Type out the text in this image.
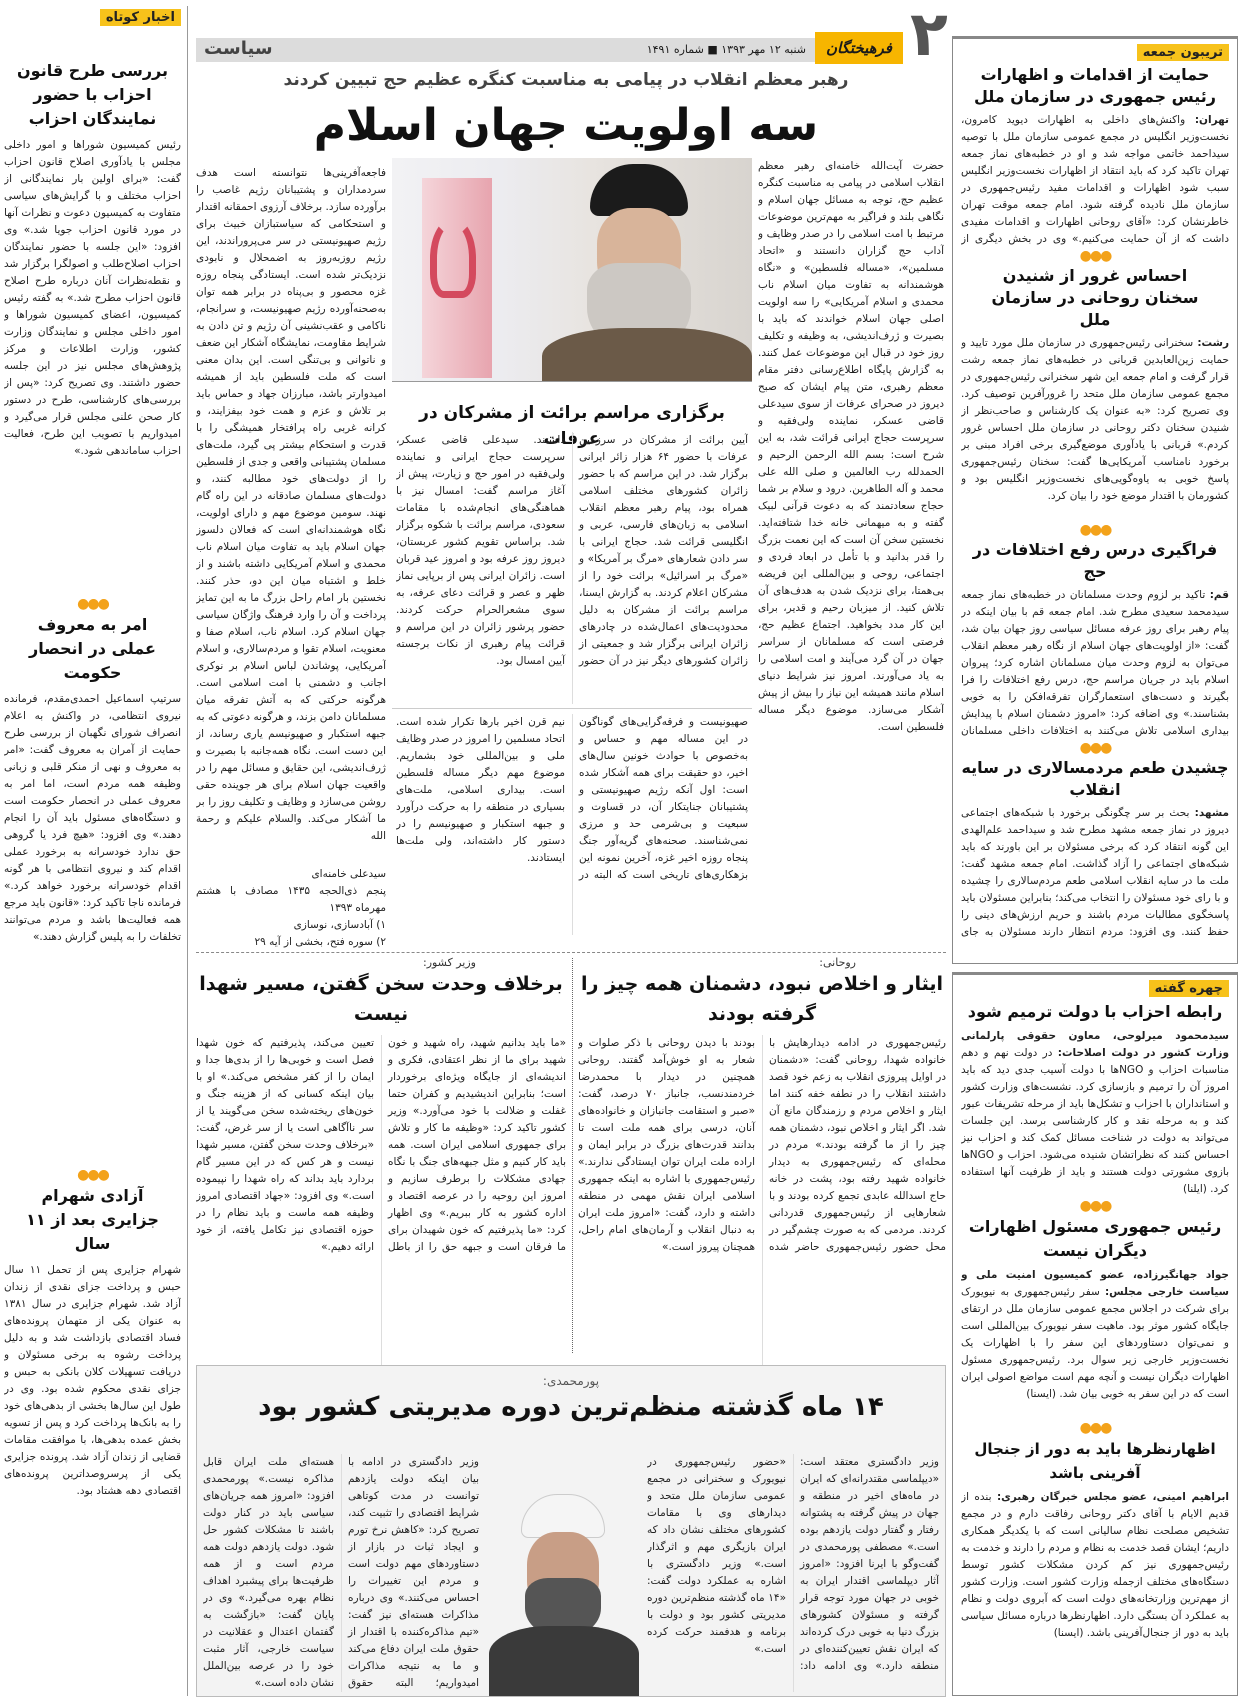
اخبار کوتاه
بررسی طرح قانون احزاب با حضور نمایندگان احزاب
رئیس کمیسیون شوراها و امور داخلی مجلس با یادآوری اصلاح قانون احزاب گفت: «برای اولین بار نمایندگانی از احزاب مختلف و با گرایش‌های سیاسی متفاوت به کمیسیون دعوت و نظرات آنها در مورد قانون احزاب جویا شد.» وی افزود: «این جلسه با حضور نمایندگان احزاب اصلاح‌طلب و اصولگرا برگزار شد و نقطه‌نظرات آنان درباره طرح اصلاح قانون احزاب مطرح شد.» به گفته رئیس کمیسیون، اعضای کمیسیون شوراها و امور داخلی مجلس و نمایندگان وزارت کشور، وزارت اطلاعات و مرکز پژوهش‌های مجلس نیز در این جلسه حضور داشتند. وی تصریح کرد: «پس از بررسی‌های کارشناسی، طرح در دستور کار صحن علنی مجلس قرار می‌گیرد و امیدواریم با تصویب این طرح، فعالیت احزاب ساماندهی شود.»
●●●
امر به معروف عملی در انحصار حکومت
سرتیپ اسماعیل احمدی‌مقدم، فرمانده نیروی انتظامی، در واکنش به اعلام انصراف شورای نگهبان از بررسی طرح حمایت از آمران به معروف گفت: «امر به معروف و نهی از منکر قلبی و زبانی وظیفه همه مردم است، اما امر به معروف عملی در انحصار حکومت است و دستگاه‌های مسئول باید آن را انجام دهند.» وی افزود: «هیچ فرد یا گروهی حق ندارد خودسرانه به برخورد عملی اقدام کند و نیروی انتظامی با هر گونه اقدام خودسرانه برخورد خواهد کرد.» فرمانده ناجا تاکید کرد: «قانون باید مرجع همه فعالیت‌ها باشد و مردم می‌توانند تخلفات را به پلیس گزارش دهند.»
●●●
آزادی شهرام جزایری بعد از ۱۱ سال
شهرام جزایری پس از تحمل ۱۱ سال حبس و پرداخت جزای نقدی از زندان آزاد شد. شهرام جزایری در سال ۱۳۸۱ به عنوان یکی از متهمان پرونده‌های فساد اقتصادی بازداشت شد و به دلیل پرداخت رشوه به برخی مسئولان و دریافت تسهیلات کلان بانکی به حبس و جزای نقدی محکوم شده بود. وی در طول این سال‌ها بخشی از بدهی‌های خود را به بانک‌ها پرداخت کرد و پس از تسویه بخش عمده بدهی‌ها، با موافقت مقامات قضایی از زندان آزاد شد. پرونده جزایری یکی از پرسروصداترین پرونده‌های اقتصادی دهه هشتاد بود.
شنبه ۱۲ مهر ۱۳۹۳ ■ شماره ۱۴۹۱
سیاست	فرهیختگان ۲
رهبر معظم انقلاب در پیامی به مناسبت کنگره عظیم حج تبیین کردند
سه اولویت جهان اسلام
حضرت آیت‌الله خامنه‌ای رهبر معظم انقلاب اسلامی در پیامی به مناسبت کنگره عظیم حج، توجه به مسائل جهان اسلام و نگاهی بلند و فراگیر به مهم‌ترین موضوعات مرتبط با امت اسلامی را در صدر وظایف و آداب حج گزاران دانستند و «اتحاد مسلمین»، «مساله فلسطین» و «نگاه هوشمندانه به تفاوت میان اسلام ناب محمدی و اسلام آمریکایی» را سه اولویت اصلی جهان اسلام خواندند که باید با بصیرت و ژرف‌اندیشی، به وظیفه و تکلیف روز خود در قبال این موضوعات عمل کنند. به گزارش پایگاه اطلاع‌رسانی دفتر مقام معظم رهبری، متن پیام ایشان که صبح دیروز در صحرای عرفات از سوی سیدعلی قاضی عسکر، نماینده ولی‌فقیه و سرپرست حجاج ایرانی قرائت شد، به این شرح است: بسم الله الرحمن الرحیم و الحمدلله رب العالمین و صلی الله علی محمد و آله الطاهرین. درود و سلام بر شما حجاج سعادتمند که به دعوت قرآنی لبیک گفته و به میهمانی خانه خدا شتافته‌اید. نخستین سخن آن است که این نعمت بزرگ را قدر بدانید و با تأمل در ابعاد فردی و اجتماعی، روحی و بین‌المللی این فریضه بی‌همتا، برای نزدیک شدن به هدف‌های آن تلاش کنید. از میزبان رحیم و قدیر، برای این کار مدد بخواهید. اجتماع عظیم حج، فرصتی است که مسلمانان از سراسر جهان در آن گرد می‌آیند و امت اسلامی را به یاد می‌آورند. امروز نیز شرایط دنیای اسلام مانند همیشه این نیاز را بیش از پیش آشکار می‌سازد. موضوع دیگر مساله فلسطین است.
فاجعه‌آفرینی‌ها نتوانسته است هدف سردمداران و پشتیبانان رژیم غاصب را برآورده سازد. برخلاف آرزوی احمقانه اقتدار و استحکامی که سیاستبازان خبیث برای رژیم صهیونیستی در سر می‌پروراندند، این رژیم روزبه‌روز به اضمحلال و نابودی نزدیک‌تر شده است. ایستادگی پنجاه روزه غزه محصور و بی‌پناه در برابر همه توان به‌صحنه‌آورده رژیم صهیونیست، و سرانجام، ناکامی و عقب‌نشینی آن رژیم و تن دادن به شرایط مقاومت، نمایشگاه آشکار این ضعف و ناتوانی و بی‌تنگی است. این بدان معنی است که ملت فلسطین باید از همیشه امیدوارتر باشد، مبارزان جهاد و حماس باید بر تلاش و عزم و همت خود بیفزایند، و کرانه غربی راه پرافتخار همیشگی را با قدرت و استحکام بیشتر پی گیرد، ملت‌های مسلمان پشتیبانی واقعی و جدی از فلسطین را از دولت‌های خود مطالبه کنند، و دولت‌های مسلمان صادقانه در این راه گام نهند. سومین موضوع مهم و دارای اولویت، نگاه هوشمندانه‌ای است که فعالان دلسوز جهان اسلام باید به تفاوت میان اسلام ناب محمدی و اسلام آمریکایی داشته باشند و از خلط و اشتباه میان این دو، حذر کنند. نخستین بار امام راحل بزرگ ما به این تمایز پرداخت و آن را وارد فرهنگ واژگان سیاسی جهان اسلام کرد. اسلام ناب، اسلام صفا و معنویت، اسلام تقوا و مردم‌سالاری، و اسلام آمریکایی، پوشاندن لباس اسلام بر نوکری اجانب و دشمنی با امت اسلامی است. هرگونه حرکتی که به آتش تفرقه میان مسلمانان دامن بزند، و هرگونه دعوتی که به جبهه استکبار و صهیونیسم یاری رساند، از این دست است. نگاه همه‌جانبه با بصیرت و ژرف‌اندیشی، این حقایق و مسائل مهم را در واقعیت جهان اسلام برای هر جوینده حقی روشن می‌سازد و وظایف و تکلیف روز را بر ما آشکار می‌کند. والسلام علیکم و رحمة الله
سیدعلی خامنه‌ای
پنجم ذی‌الحجه ۱۴۳۵ مصادف با هشتم مهرماه ۱۳۹۳
۱) آبادسازی، نوسازی
۲) سوره فتح، بخشی از آیه ۲۹
برگزاری مراسم برائت از مشرکان در عرفات
آیین برائت از مشرکان در سرزمین عرفات با حضور ۶۴ هزار زائر ایرانی برگزار شد. در این مراسم که با حضور زائران کشورهای مختلف اسلامی همراه بود، پیام رهبر معظم انقلاب اسلامی به زبان‌های فارسی، عربی و انگلیسی قرائت شد. حجاج ایرانی با سر دادن شعارهای «مرگ بر آمریکا» و «مرگ بر اسرائیل» برائت خود را از مشرکان اعلام کردند. به گزارش ایسنا، مراسم برائت از مشرکان به دلیل محدودیت‌های اعمال‌شده در چادرهای زائران ایرانی برگزار شد و جمعیتی از زائران کشورهای دیگر نیز در آن حضور داشتند. سیدعلی قاضی عسکر، سرپرست حجاج ایرانی و نماینده ولی‌فقیه در امور حج و زیارت، پیش از آغاز مراسم گفت: امسال نیز با هماهنگی‌های انجام‌شده با مقامات سعودی، مراسم برائت با شکوه برگزار شد. براساس تقویم کشور عربستان، دیروز روز عرفه بود و امروز عید قربان است. زائران ایرانی پس از برپایی نماز ظهر و عصر و قرائت دعای عرفه، به سوی مشعرالحرام حرکت کردند. حضور پرشور زائران در این مراسم و قرائت پیام رهبری از نکات برجسته آیین امسال بود.
صهیونیست و فرقه‌گرایی‌های گوناگون در این مساله مهم و حساس و به‌خصوص با حوادث خونین سال‌های اخیر، دو حقیقت برای همه آشکار شده است: اول آنکه رژیم صهیونیستی و پشتیبانان جنایتکار آن، در قساوت و سبعیت و بی‌شرمی حد و مرزی نمی‌شناسند. صحنه‌های گریه‌آور جنگ پنجاه روزه اخیر غزه، آخرین نمونه این بزهکاری‌های تاریخی است که البته در نیم قرن اخیر بارها تکرار شده است. اتحاد مسلمین را امروز در صدر وظایف ملی و بین‌المللی خود بشماریم. موضوع مهم دیگر مساله فلسطین است. بیداری اسلامی، ملت‌های بسیاری در منطقه را به حرکت درآورد و جبهه استکبار و صهیونیسم را در دستور کار داشته‌اند، ولی ملت‌ها ایستادند.
روحانی:
ایثار و اخلاص نبود، دشمنان همه چیز را گرفته بودند
رئیس‌جمهوری در ادامه دیدارهایش با خانواده شهدا، روحانی گفت: «دشمنان در اوایل پیروزی انقلاب به زعم خود قصد داشتند انقلاب را در نطفه خفه کنند اما ایثار و اخلاص مردم و رزمندگان مانع آن شد. اگر ایثار و اخلاص نبود، دشمنان همه چیز را از ما گرفته بودند.» مردم در محله‌ای که رئیس‌جمهوری به دیدار خانواده شهید رفته بود، پشت در خانه حاج اسدالله عابدی تجمع کرده بودند و با شعارهایی از رئیس‌جمهوری قدردانی کردند. مردمی که به صورت چشم‌گیر در محل حضور رئیس‌جمهوری حاضر شده بودند با دیدن روحانی با ذکر صلوات و شعار به او خوش‌آمد گفتند. روحانی همچنین در دیدار با محمدرضا خردمندنسب، جانباز ۷۰ درصد، گفت: «صبر و استقامت جانبازان و خانواده‌های آنان، درسی برای همه ملت است تا بدانند قدرت‌های بزرگ در برابر ایمان و اراده ملت ایران توان ایستادگی ندارند.» رئیس‌جمهوری با اشاره به اینکه جمهوری اسلامی ایران نقش مهمی در منطقه داشته و دارد، گفت: «امروز ملت ایران به دنبال انقلاب و آرمان‌های امام راحل، همچنان پیروز است.»
وزیر کشور:
برخلاف وحدت سخن گفتن، مسیر شهدا نیست
«ما باید بدانیم شهید، راه شهید و خون شهید برای ما از نظر اعتقادی، فکری و اندیشه‌ای از جایگاه ویژه‌ای برخوردار است؛ بنابراین اندیشیدیم و کفران حتما غفلت و ضلالت با خود می‌آورد.» وزیر کشور تاکید کرد: «وظیفه ما کار و تلاش برای جمهوری اسلامی ایران است. همه باید کار کنیم و مثل جبهه‌های جنگ با نگاه جهادی مشکلات را برطرف سازیم و امروز این روحیه را در عرصه اقتصاد و اداره کشور به کار ببریم.» وی اظهار کرد: «ما پذیرفتیم که خون شهیدان برای ما فرقان است و جبهه حق را از باطل تعیین می‌کند، پذیرفتیم که خون شهدا فصل است و خوبی‌ها را از بدی‌ها جدا و ایمان را از کفر مشخص می‌کند.» او با بیان اینکه کسانی که از هزینه جنگ و خون‌های ریخته‌شده سخن می‌گویند یا از سر ناآگاهی است یا از سر غرض، گفت: «برخلاف وحدت سخن گفتن، مسیر شهدا نیست و هر کس که در این مسیر گام بردارد باید بداند که راه شهدا را نپیموده است.» وی افزود: «جهاد اقتصادی امروز وظیفه همه ماست و باید نظام را در حوزه اقتصادی نیز تکامل یافته، از خود ارائه دهیم.»
پورمحمدی:
۱۴ ماه گذشته منظم‌ترین دوره مدیریتی کشور بود
وزیر دادگستری معتقد است: «دیپلماسی مقتدرانه‌ای که ایران در ماه‌های اخیر در منطقه و جهان در پیش گرفته به پشتوانه رفتار و گفتار دولت یازدهم بوده است.» مصطفی پورمحمدی در گفت‌وگو با ایرنا افزود: «امروز آثار دیپلماسی اقتدار ایران به خوبی در جهان مورد توجه قرار گرفته و مسئولان کشورهای بزرگ دنیا به خوبی درک کرده‌اند که ایران نقش تعیین‌کننده‌ای در منطقه دارد.» وی ادامه داد: «حضور رئیس‌جمهوری در نیویورک و سخنرانی در مجمع عمومی سازمان ملل متحد و دیدارهای وی با مقامات کشورهای مختلف نشان داد که ایران بازیگری مهم و اثرگذار است.» وزیر دادگستری با اشاره به عملکرد دولت گفت: «۱۴ ماه گذشته منظم‌ترین دوره مدیریتی کشور بود و دولت با برنامه و هدفمند حرکت کرده است.»
وزیر دادگستری در ادامه با بیان اینکه دولت یازدهم توانست در مدت کوتاهی شرایط اقتصادی را تثبیت کند، تصریح کرد: «کاهش نرخ تورم و ایجاد ثبات در بازار از دستاوردهای مهم دولت است و مردم این تغییرات را احساس می‌کنند.» وی درباره مذاکرات هسته‌ای نیز گفت: «تیم مذاکره‌کننده با اقتدار از حقوق ملت ایران دفاع می‌کند و ما به نتیجه مذاکرات امیدواریم؛ البته حقوق هسته‌ای ملت ایران قابل مذاکره نیست.» پورمحمدی افزود: «امروز همه جریان‌های سیاسی باید در کنار دولت باشند تا مشکلات کشور حل شود. دولت یازدهم دولت همه مردم است و از همه ظرفیت‌ها برای پیشبرد اهداف نظام بهره می‌گیرد.» وی در پایان گفت: «بازگشت به گفتمان اعتدال و عقلانیت در سیاست خارجی، آثار مثبت خود را در عرصه بین‌الملل نشان داده است.»
تریبون جمعه
حمایت از اقدامات و اظهارات رئیس جمهوری در سازمان ملل
تهران: واکنش‌های داخلی به اظهارات دیوید کامرون، نخست‌وزیر انگلیس در مجمع عمومی سازمان ملل با توصیه سیداحمد خاتمی مواجه شد و او در خطبه‌های نماز جمعه تهران تاکید کرد که باید انتقاد از اظهارات نخست‌وزیر انگلیس سبب شود اظهارات و اقدامات مفید رئیس‌جمهوری در سازمان ملل نادیده گرفته شود. امام جمعه موقت تهران خاطرنشان کرد: «آقای روحانی اظهارات و اقدامات مفیدی داشت که از آن حمایت می‌کنیم.» وی در بخش دیگری از
●●●
احساس غرور از شنیدن سخنان روحانی در سازمان ملل
رشت: سخنرانی رئیس‌جمهوری در سازمان ملل مورد تایید و حمایت زین‌العابدین قربانی در خطبه‌های نماز جمعه رشت قرار گرفت و امام جمعه این شهر سخنرانی رئیس‌جمهوری در مجمع عمومی سازمان ملل متحد را غرورآفرین توصیف کرد. وی تصریح کرد: «به عنوان یک کارشناس و صاحب‌نظر از شنیدن سخنان دکتر روحانی در سازمان ملل احساس غرور کردم.» قربانی با یادآوری موضع‌گیری برخی افراد مبنی بر برخورد نامناسب آمریکایی‌ها گفت: سخنان رئیس‌جمهوری پاسخ خوبی به یاوه‌گویی‌های نخست‌وزیر انگلیس بود و کشورمان با اقتدار موضع خود را بیان کرد.
●●●
فراگیری درس رفع اختلافات در حج
قم: تاکید بر لزوم وحدت مسلمانان در خطبه‌های نماز جمعه سیدمحمد سعیدی مطرح شد. امام جمعه قم با بیان اینکه در پیام رهبر برای روز عرفه مسائل سیاسی روز جهان بیان شد، گفت: «از اولویت‌های جهان اسلام از نگاه رهبر معظم انقلاب می‌توان به لزوم وحدت میان مسلمانان اشاره کرد؛ پیروان اسلام باید در جریان مراسم حج، درس رفع اختلافات را فرا بگیرند و دست‌های استعمارگران تفرقه‌افکن را به خوبی بشناسند.» وی اضافه کرد: «امروز دشمنان اسلام با پیدایش بیداری اسلامی تلاش می‌کنند به اختلافات داخلی مسلمانان
●●●
چشیدن طعم مردمسالاری در سایه انقلاب
مشهد: بحث بر سر چگونگی برخورد با شبکه‌های اجتماعی دیروز در نماز جمعه مشهد مطرح شد و سیداحمد علم‌الهدی این گونه انتقاد کرد که برخی مسئولان بر این باورند که باید شبکه‌های اجتماعی را آزاد گذاشت. امام جمعه مشهد گفت: ملت ما در سایه انقلاب اسلامی طعم مردم‌سالاری را چشیده و با رای خود مسئولان را انتخاب می‌کند؛ بنابراین مسئولان باید پاسخگوی مطالبات مردم باشند و حریم ارزش‌های دینی را حفظ کنند. وی افزود: مردم انتظار دارند مسئولان به جای
چهره گفته
رابطه احزاب با دولت ترمیم شود
سیدمحمود میرلوحی، معاون حقوقی پارلمانی وزارت کشور در دولت اصلاحات: در دولت نهم و دهم مناسبات احزاب و NGOها با دولت آسیب جدی دید که باید امروز آن را ترمیم و بازسازی کرد. نشست‌های وزارت کشور و استانداران با احزاب و تشکل‌ها باید از مرحله تشریفات عبور کند و به مرحله نقد و کار کارشناسی برسد. این جلسات می‌تواند به دولت در شناخت مسائل کمک کند و احزاب نیز احساس کنند که نظراتشان شنیده می‌شود. احزاب و NGOها بازوی مشورتی دولت هستند و باید از ظرفیت آنها استفاده کرد. (ایلنا)
●●●
رئیس جمهوری مسئول اظهارات دیگران نیست
جواد جهانگیرزاده، عضو کمیسیون امنیت ملی و سیاست خارجی مجلس: سفر رئیس‌جمهوری به نیویورک برای شرکت در اجلاس مجمع عمومی سازمان ملل در ارتقای جایگاه کشور موثر بود. ماهیت سفر نیویورک بین‌المللی است و نمی‌توان دستاوردهای این سفر را با اظهارات یک نخست‌وزیر خارجی زیر سوال برد. رئیس‌جمهوری مسئول اظهارات دیگران نیست و آنچه مهم است مواضع اصولی ایران است که در این سفر به خوبی بیان شد. (ایسنا)
●●●
اظهارنظرها باید به دور از جنجال آفرینی باشد
ابراهیم امینی، عضو مجلس خبرگان رهبری: بنده از قدیم الایام با آقای دکتر روحانی رفاقت دارم و در مجمع تشخیص مصلحت نظام سالیانی است که با یکدیگر همکاری داریم؛ ایشان قصد خدمت به نظام و مردم را دارند و خدمت به رئیس‌جمهوری نیز کم کردن مشکلات کشور توسط دستگاه‌های مختلف ازجمله وزارت کشور است. وزارت کشور از مهم‌ترین وزارتخانه‌های دولت است که آبروی دولت و نظام به عملکرد آن بستگی دارد. اظهارنظرها درباره مسائل سیاسی باید به دور از جنجال‌آفرینی باشد. (ایسنا)
